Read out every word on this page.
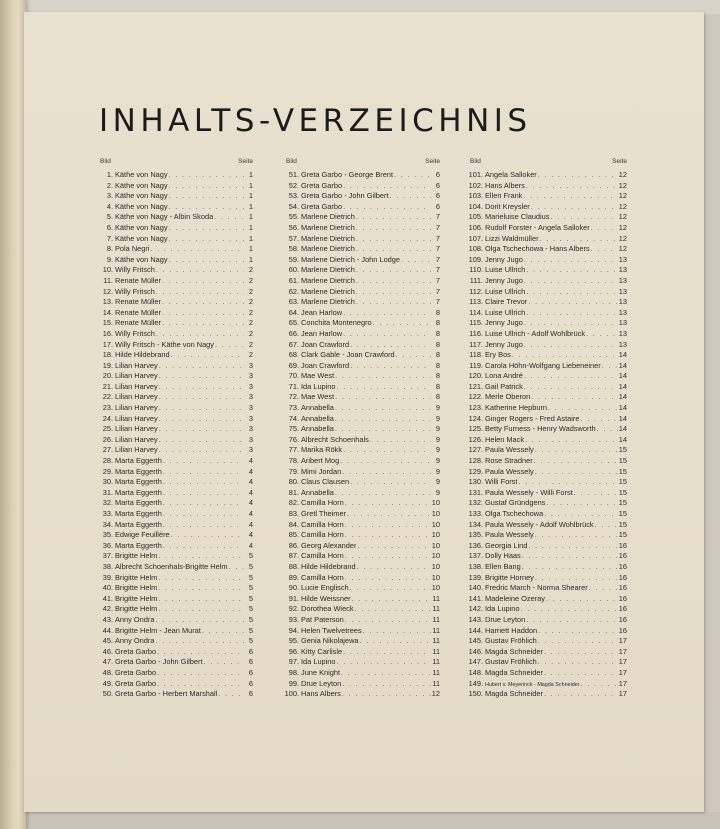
INHALTS-VERZEICHNIS
Bild	Seite
1. Käthe von Nagy . . .	1
2. Käthe von Nagy . . .	1
3. Käthe von Nagy . . .	1
4. Käthe von Nagy . . .	1
5. Käthe von Nagy - Albin Skoda . . .	1
6. Käthe von Nagy . . .	1
7. Käthe von Nagy . . .	1
8. Pola Negri . . .	1
9. Käthe von Nagy . . .	1
10. Willy Fritsch . . .	2
11. Renate Müller . . .	2
12. Willy Fritsch . . .	2
13. Renate Müller . . .	2
14. Renate Müller . . .	2
15. Renate Müller . . .	2
16. Willy Fritsch . . .	2
17. Willy Fritsch - Käthe von Nagy . . .	2
18. Hilde Hildebrand . . .	2
19. Lilian Harvey . . .	3
20. Lilian Harvey . . .	3
21. Lilian Harvey . . .	3
22. Lilian Harvey . . .	3
23. Lilian Harvey . . .	3
24. Lilian Harvey . . .	3
25. Lilian Harvey . . .	3
26. Lilian Harvey . . .	3
27. Lilian Harvey . . .	3
28. Marta Eggerth . . .	4
29. Marta Eggerth . . .	4
30. Marta Eggerth . . .	4
31. Marta Eggerth . . .	4
32. Marta Eggerth . . .	4
33. Marta Eggerth . . .	4
34. Marta Eggerth . . .	4
35. Edwige Feuillère . . .	4
36. Marta Eggerth . . .	4
37. Brigitte Helm . . .	5
38. Albrecht Schoenhals-Brigitte Helm . . .	5
39. Brigitte Helm . . .	5
40. Brigitte Helm . . .	5
41. Brigitte Helm . . .	5
42. Brigitte Helm . . .	5
43. Anny Ondra . . .	5
44. Brigitte Helm - Jean Murat . . .	5
45. Anny Ondra . . .	5
46. Greta Garbo . . .	6
47. Greta Garbo - John Gilbert . . .	6
48. Greta Garbo . . .	6
49. Greta Garbo . . .	6
50. Greta Garbo - Herbert Marshall . . .	6
Bild	Seite
51. Greta Garbo - George Brent . . .	6
52. Greta Garbo . . .	6
53. Greta Garbo - John Gilbert . . .	6
54. Greta Garbo . . .	6
55. Marlene Dietrich . . .	7
56. Marlene Dietrich . . .	7
57. Marlene Dietrich . . .	7
58. Marlene Dietrich . . .	7
59. Marlene Dietrich - John Lodge . . .	7
60. Marlene Dietrich . . .	7
61. Marlene Dietrich . . .	7
62. Marlene Dietrich . . .	7
63. Marlene Dietrich . . .	7
64. Jean Harlow . . .	8
65. Conchita Montenegro . . .	8
66. Jean Harlow . . .	8
67. Joan Crawford . . .	8
68. Clark Gable - Joan Crawford . . .	8
69. Joan Crawford . . .	8
70. Mae West . . .	8
71. Ida Lupino . . .	8
72. Mae West . . .	8
73. Annabella . . .	9
74. Annabella . . .	9
75. Annabella . . .	9
76. Albrecht Schoenhals . . .	9
77. Marika Rökk . . .	9
78. Aribert Mog . . .	9
79. Mimi Jordan . . .	9
80. Claus Clausen . . .	9
81. Annabella . . .	9
82. Camilla Horn . . .	10
83. Gretl Theimer . . .	10
84. Camilla Horn . . .	10
85. Camilla Horn . . .	10
86. Georg Alexander . . .	10
87. Camilla Horn . . .	10
88. Hilde Hildebrand . . .	10
89. Camilla Horn . . .	10
90. Lucie Englisch . . .	10
91. Hilde Weissner . . .	11
92. Dorothea Wieck . . .	11
93. Pat Paterson . . .	11
94. Helen Twelvetrees . . .	11
95. Genia Nikolajewa . . .	11
96. Kitty Carlisle . . .	11
97. Ida Lupino . . .	11
98. June Knight . . .	11
99. Drue Leyton . . .	11
100. Hans Albers . . .	12
Bild	Seite
101. Angela Salloker . . .	12
102. Hans Albers . . .	12
103. Ellen Frank . . .	12
104. Dorit Kreysler . . .	12
105. Marieluise Claudius . . .	12
106. Rudolf Forster - Angela Salloker . . .	12
107. Lizzi Waldmüller . . .	12
108. Olga Tschechowa - Hans Albers . . .	12
109. Jenny Jugo . . .	13
110. Luise Ullrich . . .	13
111. Jenny Jugo . . .	13
112. Luise Ullrich . . .	13
113. Claire Trevor . . .	13
114. Luise Ullrich . . .	13
115. Jenny Jugo . . .	13
116. Luise Ullrich - Adolf Wohlbrück . . .	13
117. Jenny Jugo . . .	13
118. Ery Bos . . .	14
119. Carola Höhn-Wolfgang Liebeneiner . . . 14
120. Lona André . . .	14
121. Gail Patrick . . .	14
122. Merle Oberon . . .	14
123. Katherine Hepburn . . .	14
124. Ginger Rogers - Fred Astaire . . .	14
125. Betty Furness - Henry Wadsworth . . .	14
126. Helen Mack . . .	14
127. Paula Wessely . . .	15
128. Rose Stradner . . .	15
129. Paula Wessely . . .	15
130. Willi Forst . . .	15
131. Paula Wessely - Willi Forst . . .	15
132. Gustaf Gründgens . . .	15
133. Olga Tschechowa . . .	15
134. Paula Wessely - Adolf Wohlbrück . . .	15
135. Paula Wessely . . .	15
136. Georgia Lind . . .	16
137. Dolly Haas . . .	16
138. Ellen Bang . . .	16
139. Brigitte Horney . . .	16
140. Fredric March - Norma Shearer . . .	16
141. Madeleine Ozeray . . .	16
142. Ida Lupino . . .	16
143. Drue Leyton . . .	16
144. Harriett Haddon . . .	16
145. Gustav Fröhlich . . .	17
146. Magda Schneider . . .	17
147. Gustav Fröhlich . . .	17
148. Magda Schneider . . .	17
149. Hubert v. Meyerinck - Magda Schneider . . .	17
150. Magda Schneider . . .	17
